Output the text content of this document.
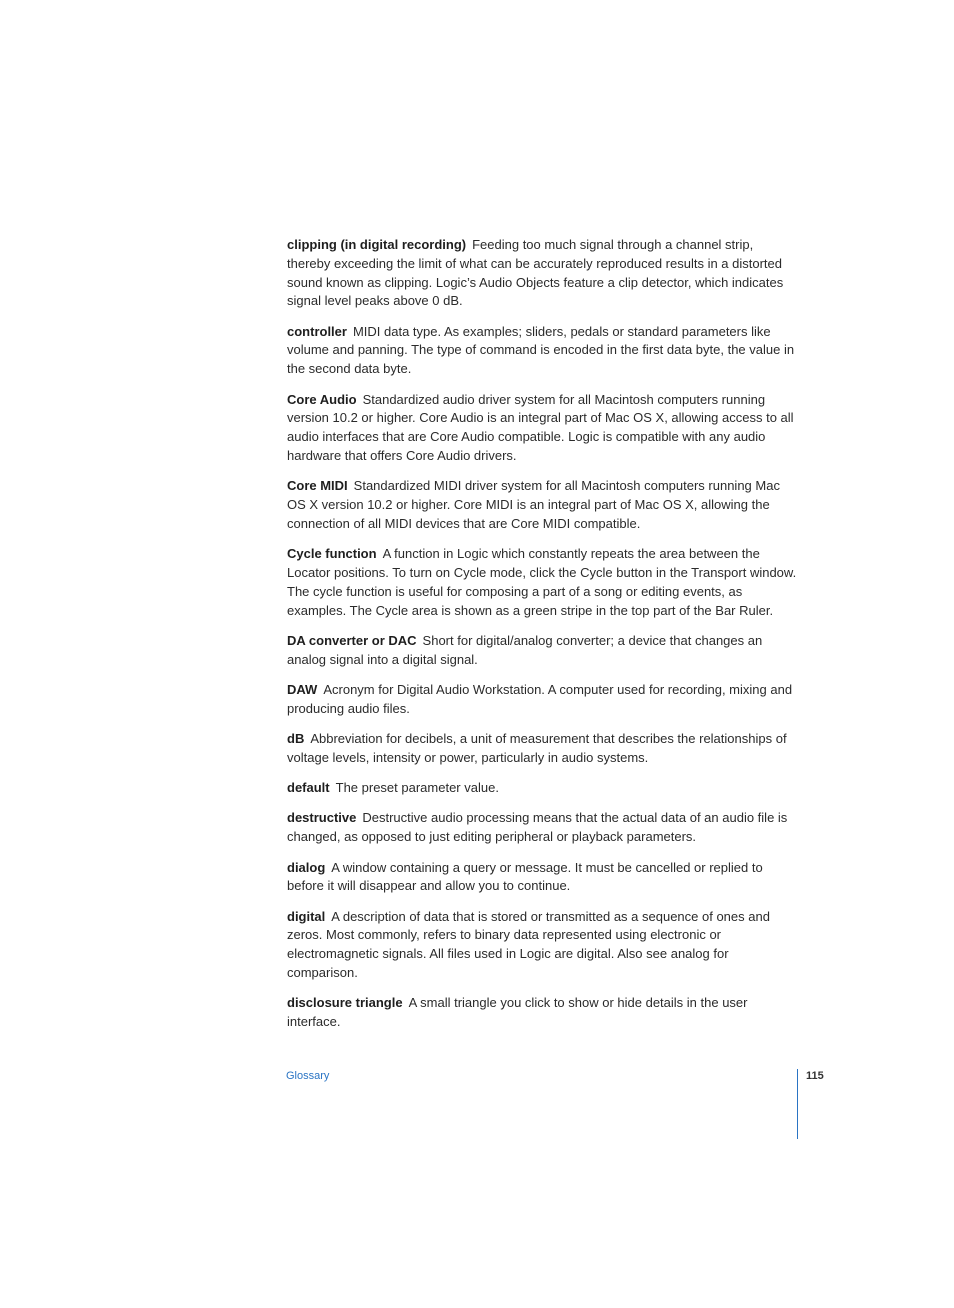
clipping (in digital recording) Feeding too much signal through a channel strip, thereby exceeding the limit of what can be accurately reproduced results in a distorted sound known as clipping. Logic’s Audio Objects feature a clip detector, which indicates signal level peaks above 0 dB.

controller MIDI data type. As examples; sliders, pedals or standard parameters like volume and panning. The type of command is encoded in the first data byte, the value in the second data byte.

Core Audio Standardized audio driver system for all Macintosh computers running version 10.2 or higher. Core Audio is an integral part of Mac OS X, allowing access to all audio interfaces that are Core Audio compatible. Logic is compatible with any audio hardware that offers Core Audio drivers.

Core MIDI Standardized MIDI driver system for all Macintosh computers running Mac OS X version 10.2 or higher. Core MIDI is an integral part of Mac OS X, allowing the connection of all MIDI devices that are Core MIDI compatible.

Cycle function A function in Logic which constantly repeats the area between the Locator positions. To turn on Cycle mode, click the Cycle button in the Transport window. The cycle function is useful for composing a part of a song or editing events, as examples. The Cycle area is shown as a green stripe in the top part of the Bar Ruler.

DA converter or DAC Short for digital/analog converter; a device that changes an analog signal into a digital signal.

DAW Acronym for Digital Audio Workstation. A computer used for recording, mixing and producing audio files.

dB Abbreviation for decibels, a unit of measurement that describes the relationships of voltage levels, intensity or power, particularly in audio systems.

default The preset parameter value.

destructive Destructive audio processing means that the actual data of an audio file is changed, as opposed to just editing peripheral or playback parameters.

dialog A window containing a query or message. It must be cancelled or replied to before it will disappear and allow you to continue.

digital A description of data that is stored or transmitted as a sequence of ones and zeros. Most commonly, refers to binary data represented using electronic or electromagnetic signals. All files used in Logic are digital. Also see analog for comparison.

disclosure triangle A small triangle you click to show or hide details in the user interface.

Glossary	115
